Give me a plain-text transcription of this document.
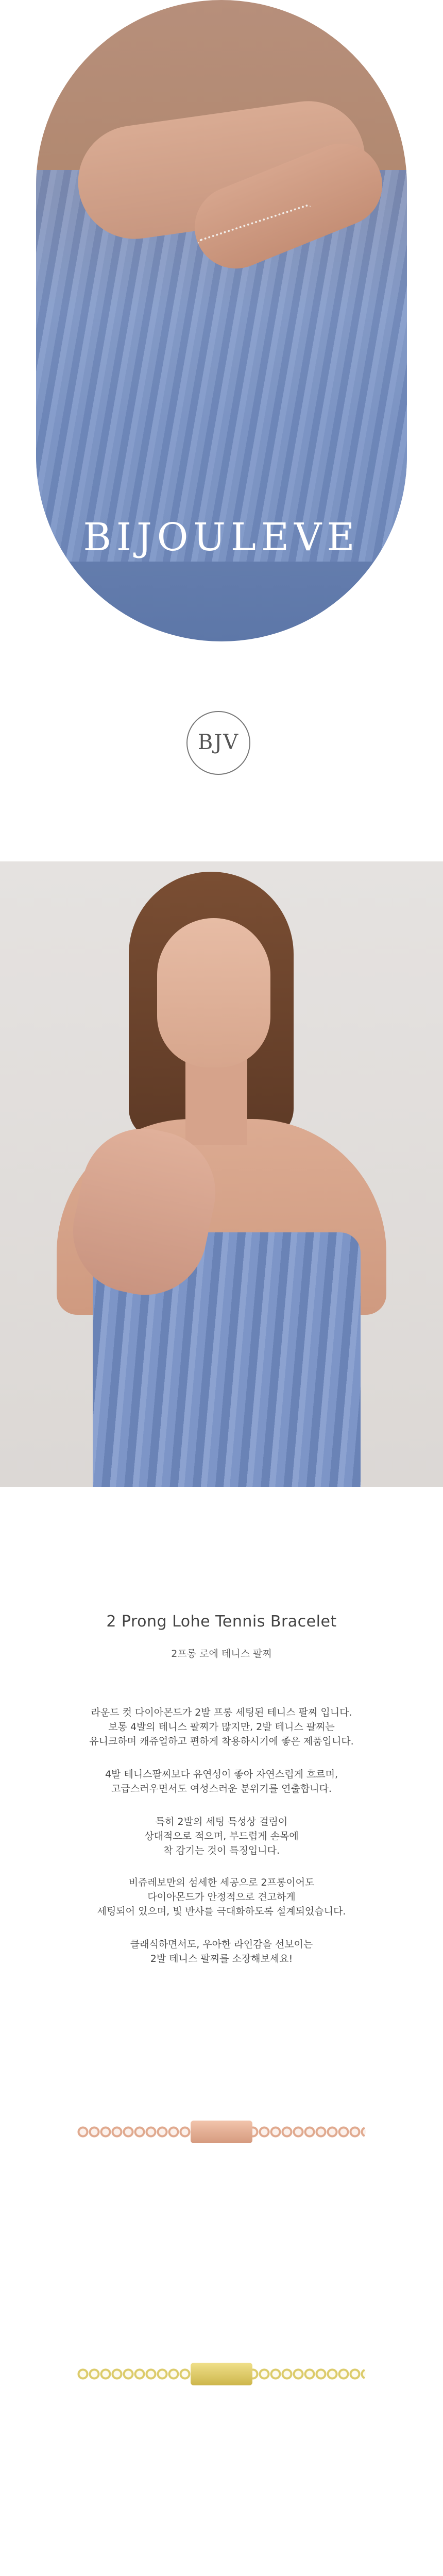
BIJOULEVE
BJV
2 Prong Lohe Tennis Bracelet
2프롱 로에 테니스 팔찌
라운드 컷 다이아몬드가 2발 프롱 세팅된 테니스 팔찌 입니다.
보통 4발의 테니스 팔찌가 많지만, 2발 테니스 팔찌는
유니크하며 캐쥬얼하고 편하게 착용하시기에 좋은 제품입니다.
4발 테니스팔찌보다 유연성이 좋아 자연스럽게 흐르며,
고급스러우면서도 여성스러운 분위기를 연출합니다.
특히 2발의 세팅 특성상 걸림이
상대적으로 적으며, 부드럽게 손목에
착 감기는 것이 특징입니다.
비쥬레보만의 섬세한 세공으로 2프롱이어도
다이아몬드가 안정적으로 견고하게
세팅되어 있으며, 빛 반사를 극대화하도록 설계되었습니다.
클래식하면서도, 우아한 라인감을 선보이는
2발 테니스 팔찌를 소장해보세요!
